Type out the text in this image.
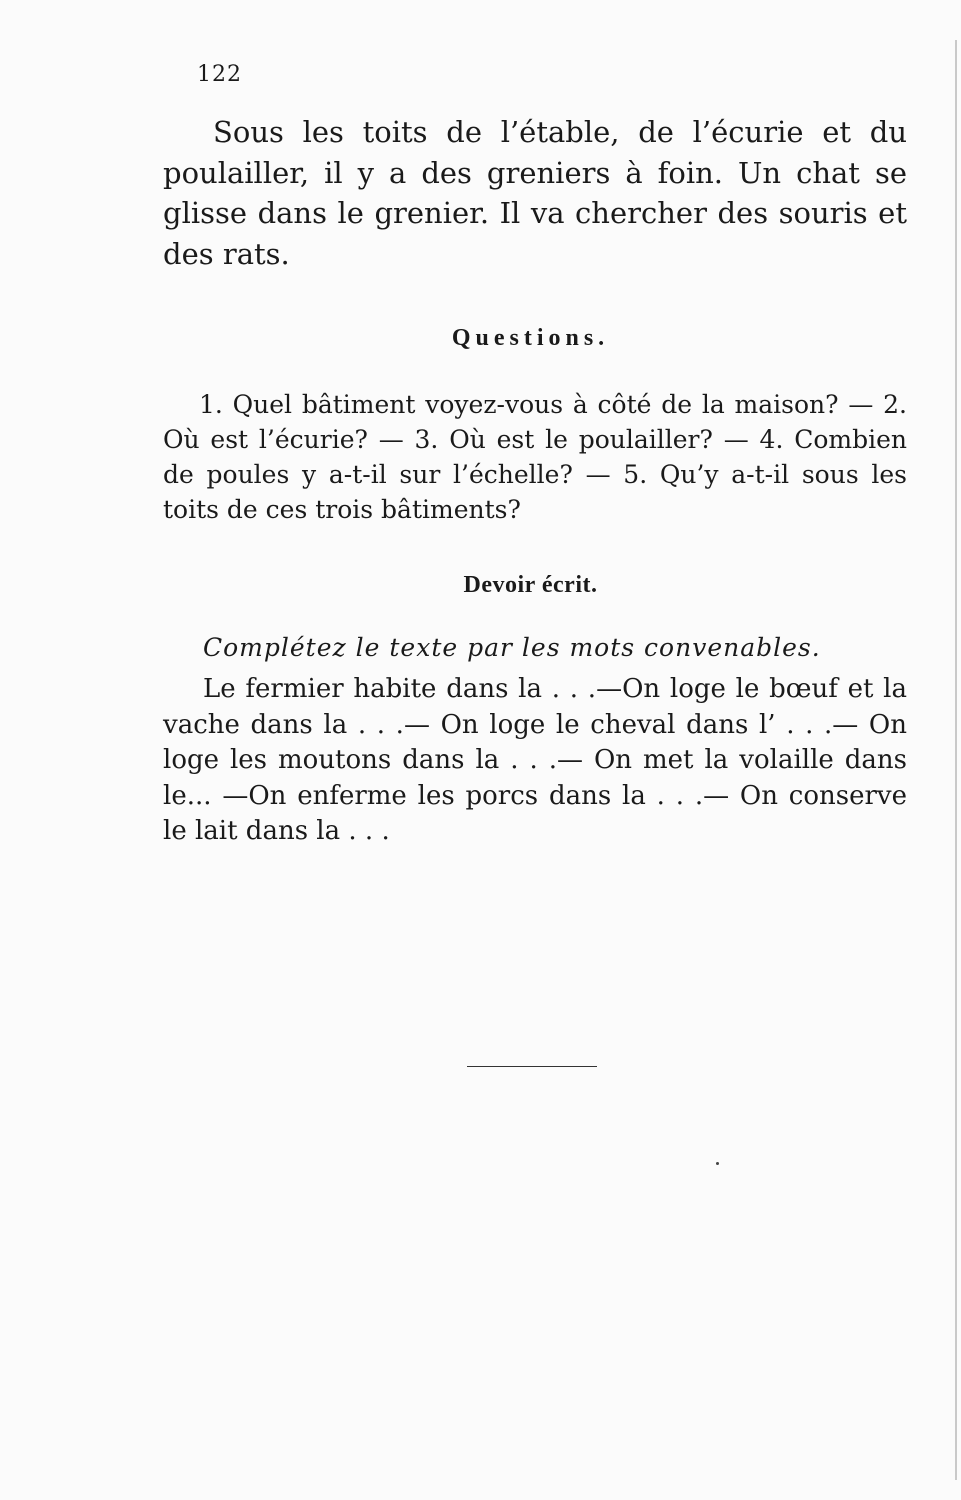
122

Sous les toits de l’étable, de l’écurie et du poulailler, il y a des greniers à foin. Un chat se glisse dans le grenier. Il va chercher des souris et des rats.

Questions.

1. Quel bâtiment voyez-vous à côté de la maison? — 2. Où est l’écurie? — 3. Où est le poulailler? — 4. Combien de poules y a-t-il sur l’échelle? — 5. Qu’y a-t-il sous les toits de ces trois bâtiments?

Devoir écrit.
Complétez le texte par les mots convenables.

Le fermier habite dans la . . .—On loge le bœuf et la vache dans la . . .— On loge le cheval dans l’ . . .— On loge les moutons dans la . . .— On met la volaille dans le... —On enferme les porcs dans la . . .— On conserve le lait dans la . . .
